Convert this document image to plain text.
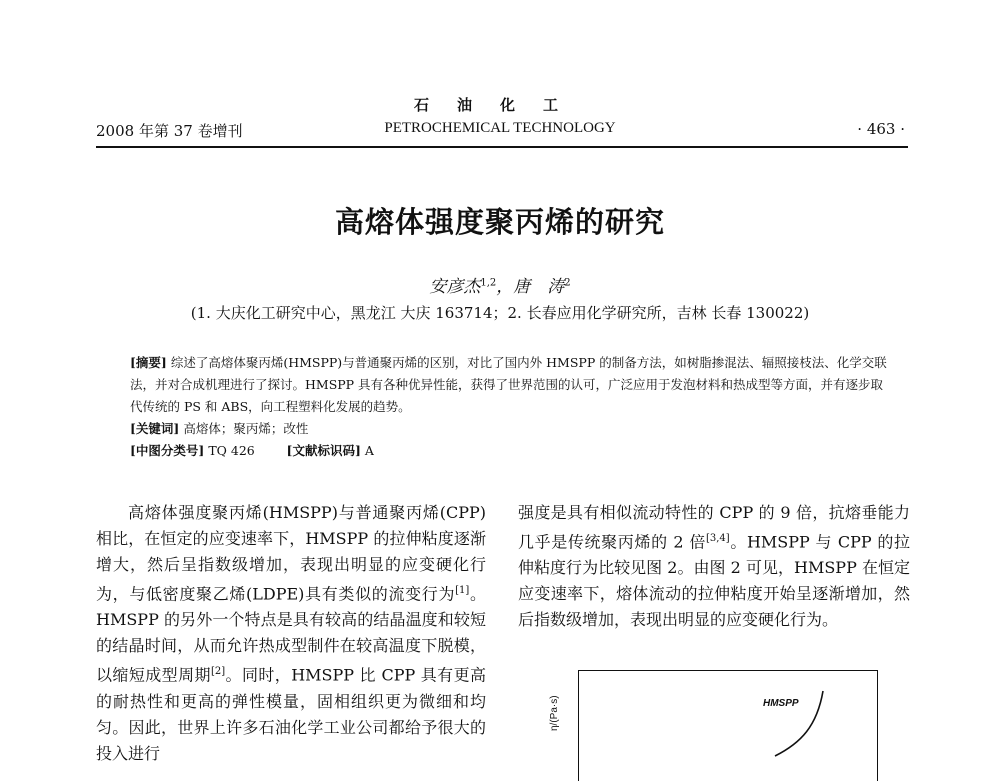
石油化工
2008 年第 37 卷增刊	PETROCHEMICAL TECHNOLOGY	· 463 ·
高熔体强度聚丙烯的研究
安彦杰$^{1,2}$，唐　涛$^2$
(1. 大庆化工研究中心，黑龙江 大庆 163714；2. 长春应用化学研究所，吉林 长春 130022)

[摘要] 综述了高熔体聚丙烯(HMSPP)与普通聚丙烯的区别，对比了国内外 HMSPP 的制备方法，如树脂掺混法、辐照接枝法、化学交联法，并对合成机理进行了探讨。HMSPP 具有各种优异性能，获得了世界范围的认可，广泛应用于发泡材料和热成型等方面，并有逐步取代传统的 PS 和 ABS，向工程塑料化发展的趋势。

[关键词] 高熔体；聚丙烯；改性

[中图分类号] TQ 426	[文献标识码] A

高熔体强度聚丙烯(HMSPP)与普通聚丙烯(CPP)相比，在恒定的应变速率下，HMSPP 的拉伸粘度逐渐增大，然后呈指数级增加，表现出明显的应变硬化行为，与低密度聚乙烯(LDPE)具有类似的流变行为[1]。HMSPP 的另外一个特点是具有较高的结晶温度和较短的结晶时间，从而允许热成型制件在较高温度下脱模，以缩短成型周期[2]。同时，HMSPP 比 CPP 具有更高的耐热性和更高的弹性模量，固相组织更为微细和均匀。因此，世界上许多石油化学工业公司都给予很大的投入进行

强度是具有相似流动特性的 CPP 的 9 倍，抗熔垂能力几乎是传统聚丙烯的 2 倍[3,4]。HMSPP 与 CPP 的拉伸粘度行为比较见图 2。由图 2 可见，HMSPP 在恒定应变速率下，熔体流动的拉伸粘度开始呈逐渐增加，然后指数级增加，表现出明显的应变硬化行为。

HMSPP
η/(Pa·s)
